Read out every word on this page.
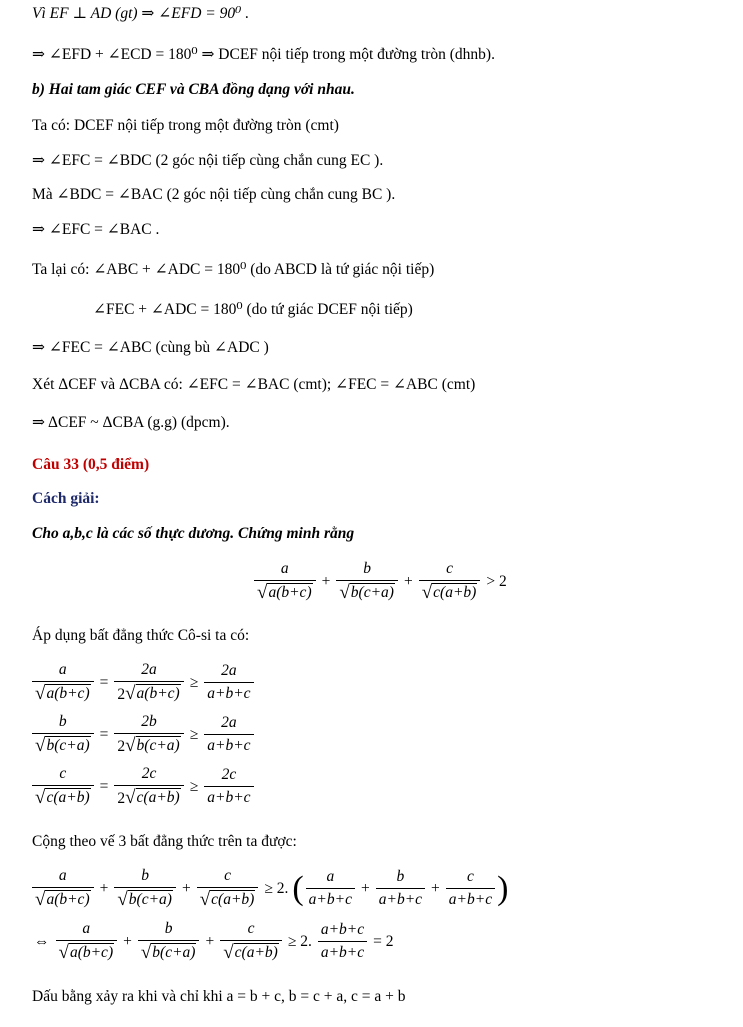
Vì EF ⊥ AD (gt) ⇒ ∠EFD = 90⁰ .
⇒ ∠EFD + ∠ECD = 180⁰ ⇒ DCEF nội tiếp trong một đường tròn (dhnb).
b) Hai tam giác CEF và CBA đồng dạng với nhau.
Ta có: DCEF nội tiếp trong một đường tròn (cmt)
⇒ ∠EFC = ∠BDC (2 góc nội tiếp cùng chắn cung EC ).
Mà ∠BDC = ∠BAC (2 góc nội tiếp cùng chắn cung BC ).
⇒ ∠EFC = ∠BAC .
Ta lại có: ∠ABC + ∠ADC = 180⁰ (do ABCD là tứ giác nội tiếp)
∠FEC + ∠ADC = 180⁰ (do tứ giác DCEF nội tiếp)
⇒ ∠FEC = ∠ABC (cùng bù ∠ADC )
Xét ΔCEF và ΔCBA có: ∠EFC = ∠BAC (cmt); ∠FEC = ∠ABC (cmt)
⇒ ΔCEF ~ ΔCBA (g.g) (dpcm).
Câu 33 (0,5 điểm)
Cách giải:
Cho a,b,c là các số thực dương. Chứng minh rằng
$\frac{a}{√ a(b+c)} + \frac{b}{√ b(c+a)} + \frac{c}{√ c(a+b)} > 2$
Áp dụng bất đẳng thức Cô-si ta có:
$\frac{a}{√ a(b+c)} = \frac{2a}{2 √ a(b+c)} \ge \frac{2a}{a+b+c}$
$\frac{b}{√ b(c+a)} = \frac{2b}{2 √ b(c+a)} \ge \frac{2a}{a+b+c}$
$\frac{c}{√ c(a+b)} = \frac{2c}{2 √ c(a+b)} \ge \frac{2c}{a+b+c}$
Cộng theo vế 3 bất đẳng thức trên ta được:
$\frac{a}{√ a(b+c)} + \frac{b}{√ b(c+a)} + \frac{c}{√ c(a+b)} \ge 2$. ( $\frac{a}{a+b+c} + \frac{b}{a+b+c} + \frac{c}{a+b+c}$ )
⇔ $\frac{a}{√ a(b+c)} + \frac{b}{√ b(c+a)} + \frac{c}{√ c(a+b)} \ge 2$. $\frac{a+b+c}{a+b+c} = 2$
Dấu bằng xảy ra khi và chỉ khi a = b + c, b = c + a, c = a + b
